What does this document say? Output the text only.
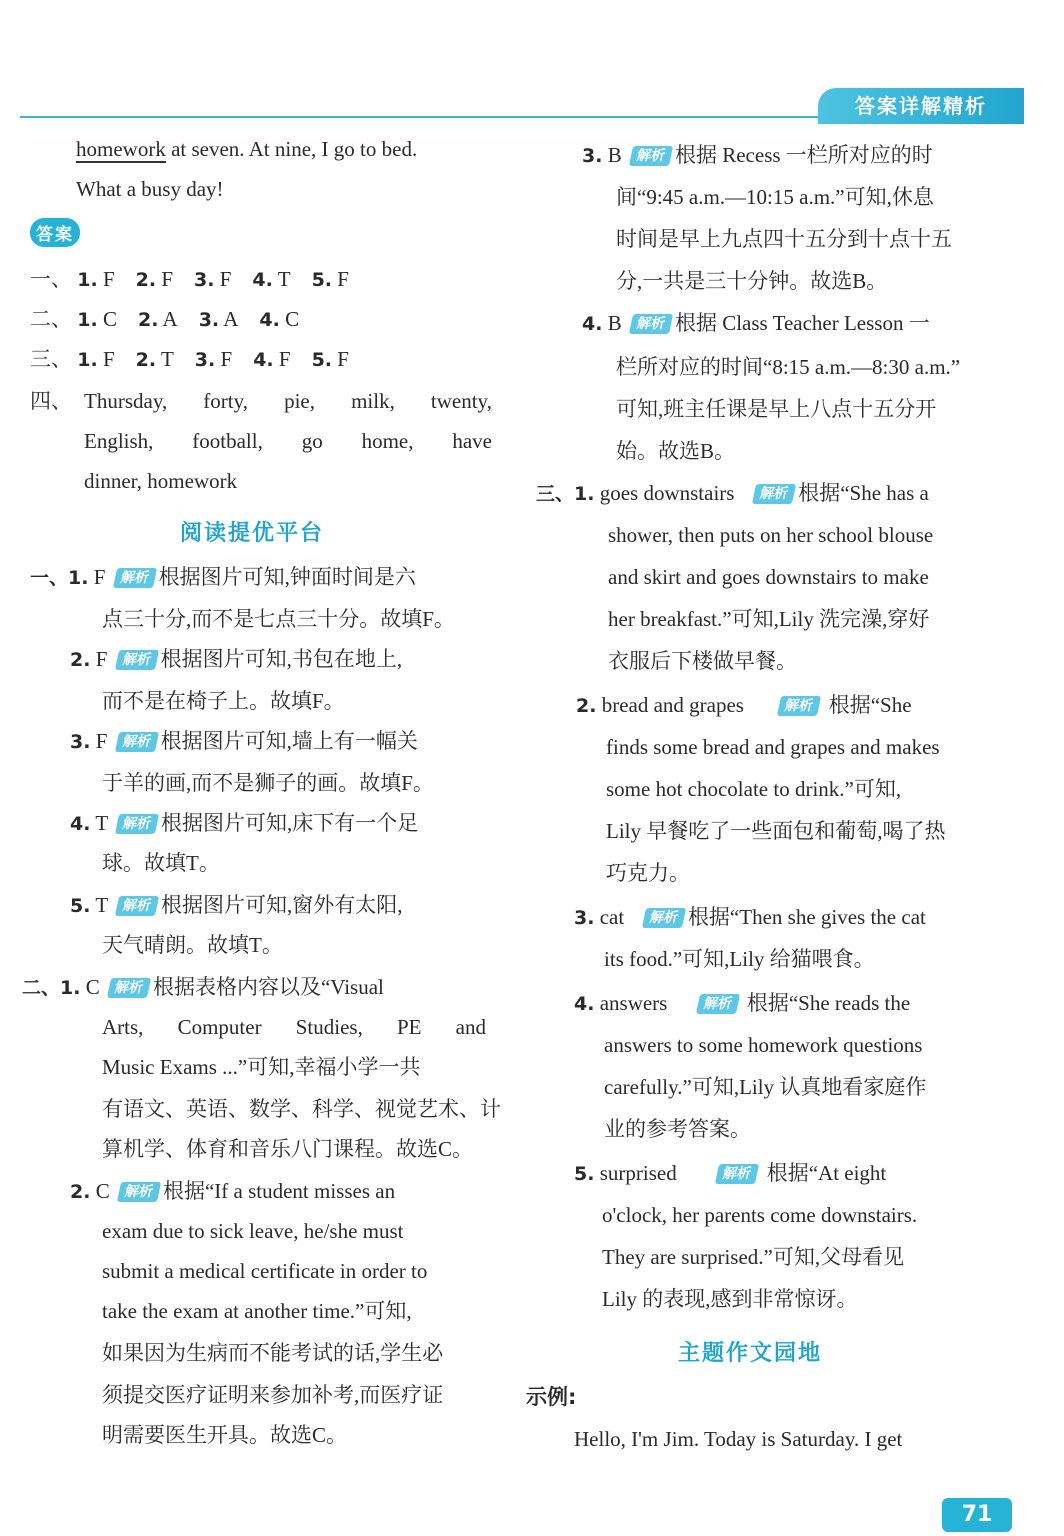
答案详解精析
homework at seven. At nine, I go to bed.
What a busy day!
答案
一、 1. F 2. F 3. F 4. T 5. F
二、 1. C 2. A 3. A 4. C
三、 1. F 2. T 3. F 4. F 5. F
四、 Thursday, forty, pie, milk, twenty,
English, football, go home, have
dinner, homework
阅读提优平台
一、1. F 解析 根据图片可知,钟面时间是六
点三十分,而不是七点三十分。故填F。
2. F 解析 根据图片可知,书包在地上,
而不是在椅子上。故填F。
3. F 解析 根据图片可知,墙上有一幅关
于羊的画,而不是狮子的画。故填F。
4. T 解析 根据图片可知,床下有一个足
球。故填T。
5. T 解析 根据图片可知,窗外有太阳,
天气晴朗。故填T。
二、1. C 解析 根据表格内容以及“Visual
Arts, Computer Studies, PE and
Music Exams ...”可知,幸福小学一共
有语文、英语、数学、科学、视觉艺术、计
算机学、体育和音乐八门课程。故选C。
2. C 解析 根据“If a student misses an
exam due to sick leave, he/she must
submit a medical certificate in order to
take the exam at another time.”可知,
如果因为生病而不能考试的话,学生必
须提交医疗证明来参加补考,而医疗证
明需要医生开具。故选C。
3. B 解析 根据 Recess 一栏所对应的时
间“9:45 a.m.—10:15 a.m.”可知,休息
时间是早上九点四十五分到十点十五
分,一共是三十分钟。故选B。
4. B 解析 根据 Class Teacher Lesson 一
栏所对应的时间“8:15 a.m.—8:30 a.m.”
可知,班主任课是早上八点十五分开
始。故选B。
三、1. goes downstairs 解析 根据“She has a
shower, then puts on her school blouse
and skirt and goes downstairs to make
her breakfast.”可知,Lily 洗完澡,穿好
衣服后下楼做早餐。
2. bread and grapes	解析 根据“She
finds some bread and grapes and makes
some hot chocolate to drink.”可知,
Lily 早餐吃了一些面包和葡萄,喝了热
巧克力。
3. cat 解析 根据“Then she gives the cat
its food.”可知,Lily 给猫喂食。
4. answers 解析 根据“She reads the
answers to some homework questions
carefully.”可知,Lily 认真地看家庭作
业的参考答案。
5. surprised	解析 根据“At eight
o'clock, her parents come downstairs.
They are surprised.”可知,父母看见
Lily 的表现,感到非常惊讶。
主题作文园地
示例:
Hello, I'm Jim. Today is Saturday. I get
71
